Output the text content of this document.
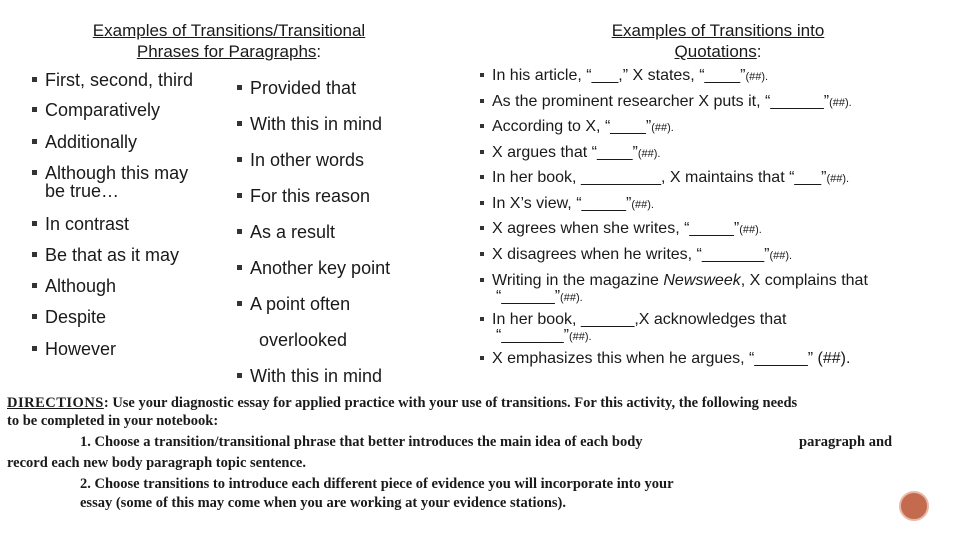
Examples of Transitions/Transitional
Phrases for Paragraphs:
First, second, third
Comparatively
Additionally
Although this may
be true…
In contrast
Be that as it may
Although
Despite
However
Provided that
With this in mind
In other words
For this reason
As a result
Another key point
A point often
overlooked
With this in mind
Examples of Transitions into
Quotations:
In his article, “___,” X states, “____”(##).
As the prominent researcher X puts it, “______”(##).
According to X, “____”(##).
X argues that “____”(##).
In her book, _________, X maintains that “___”(##).
In X’s view, “_____”(##).
X agrees when she writes, “_____”(##).
X disagrees when he writes, “_______”(##).
Writing in the magazine Newsweek, X complains that
“______”(##).
In her book, ______,X acknowledges that
“_______”(##).
X emphasizes this when he argues, “______” (##).
DIRECTIONS: Use your diagnostic essay for applied practice with your use of transitions. For this activity, the following needs
to be completed in your notebook:
1. Choose a transition/transitional phrase that better introduces the main idea of each body	paragraph and
record each new body paragraph topic sentence.
2. Choose transitions to introduce each different piece of evidence you will incorporate into your
essay (some of this may come when you are working at your evidence stations).
